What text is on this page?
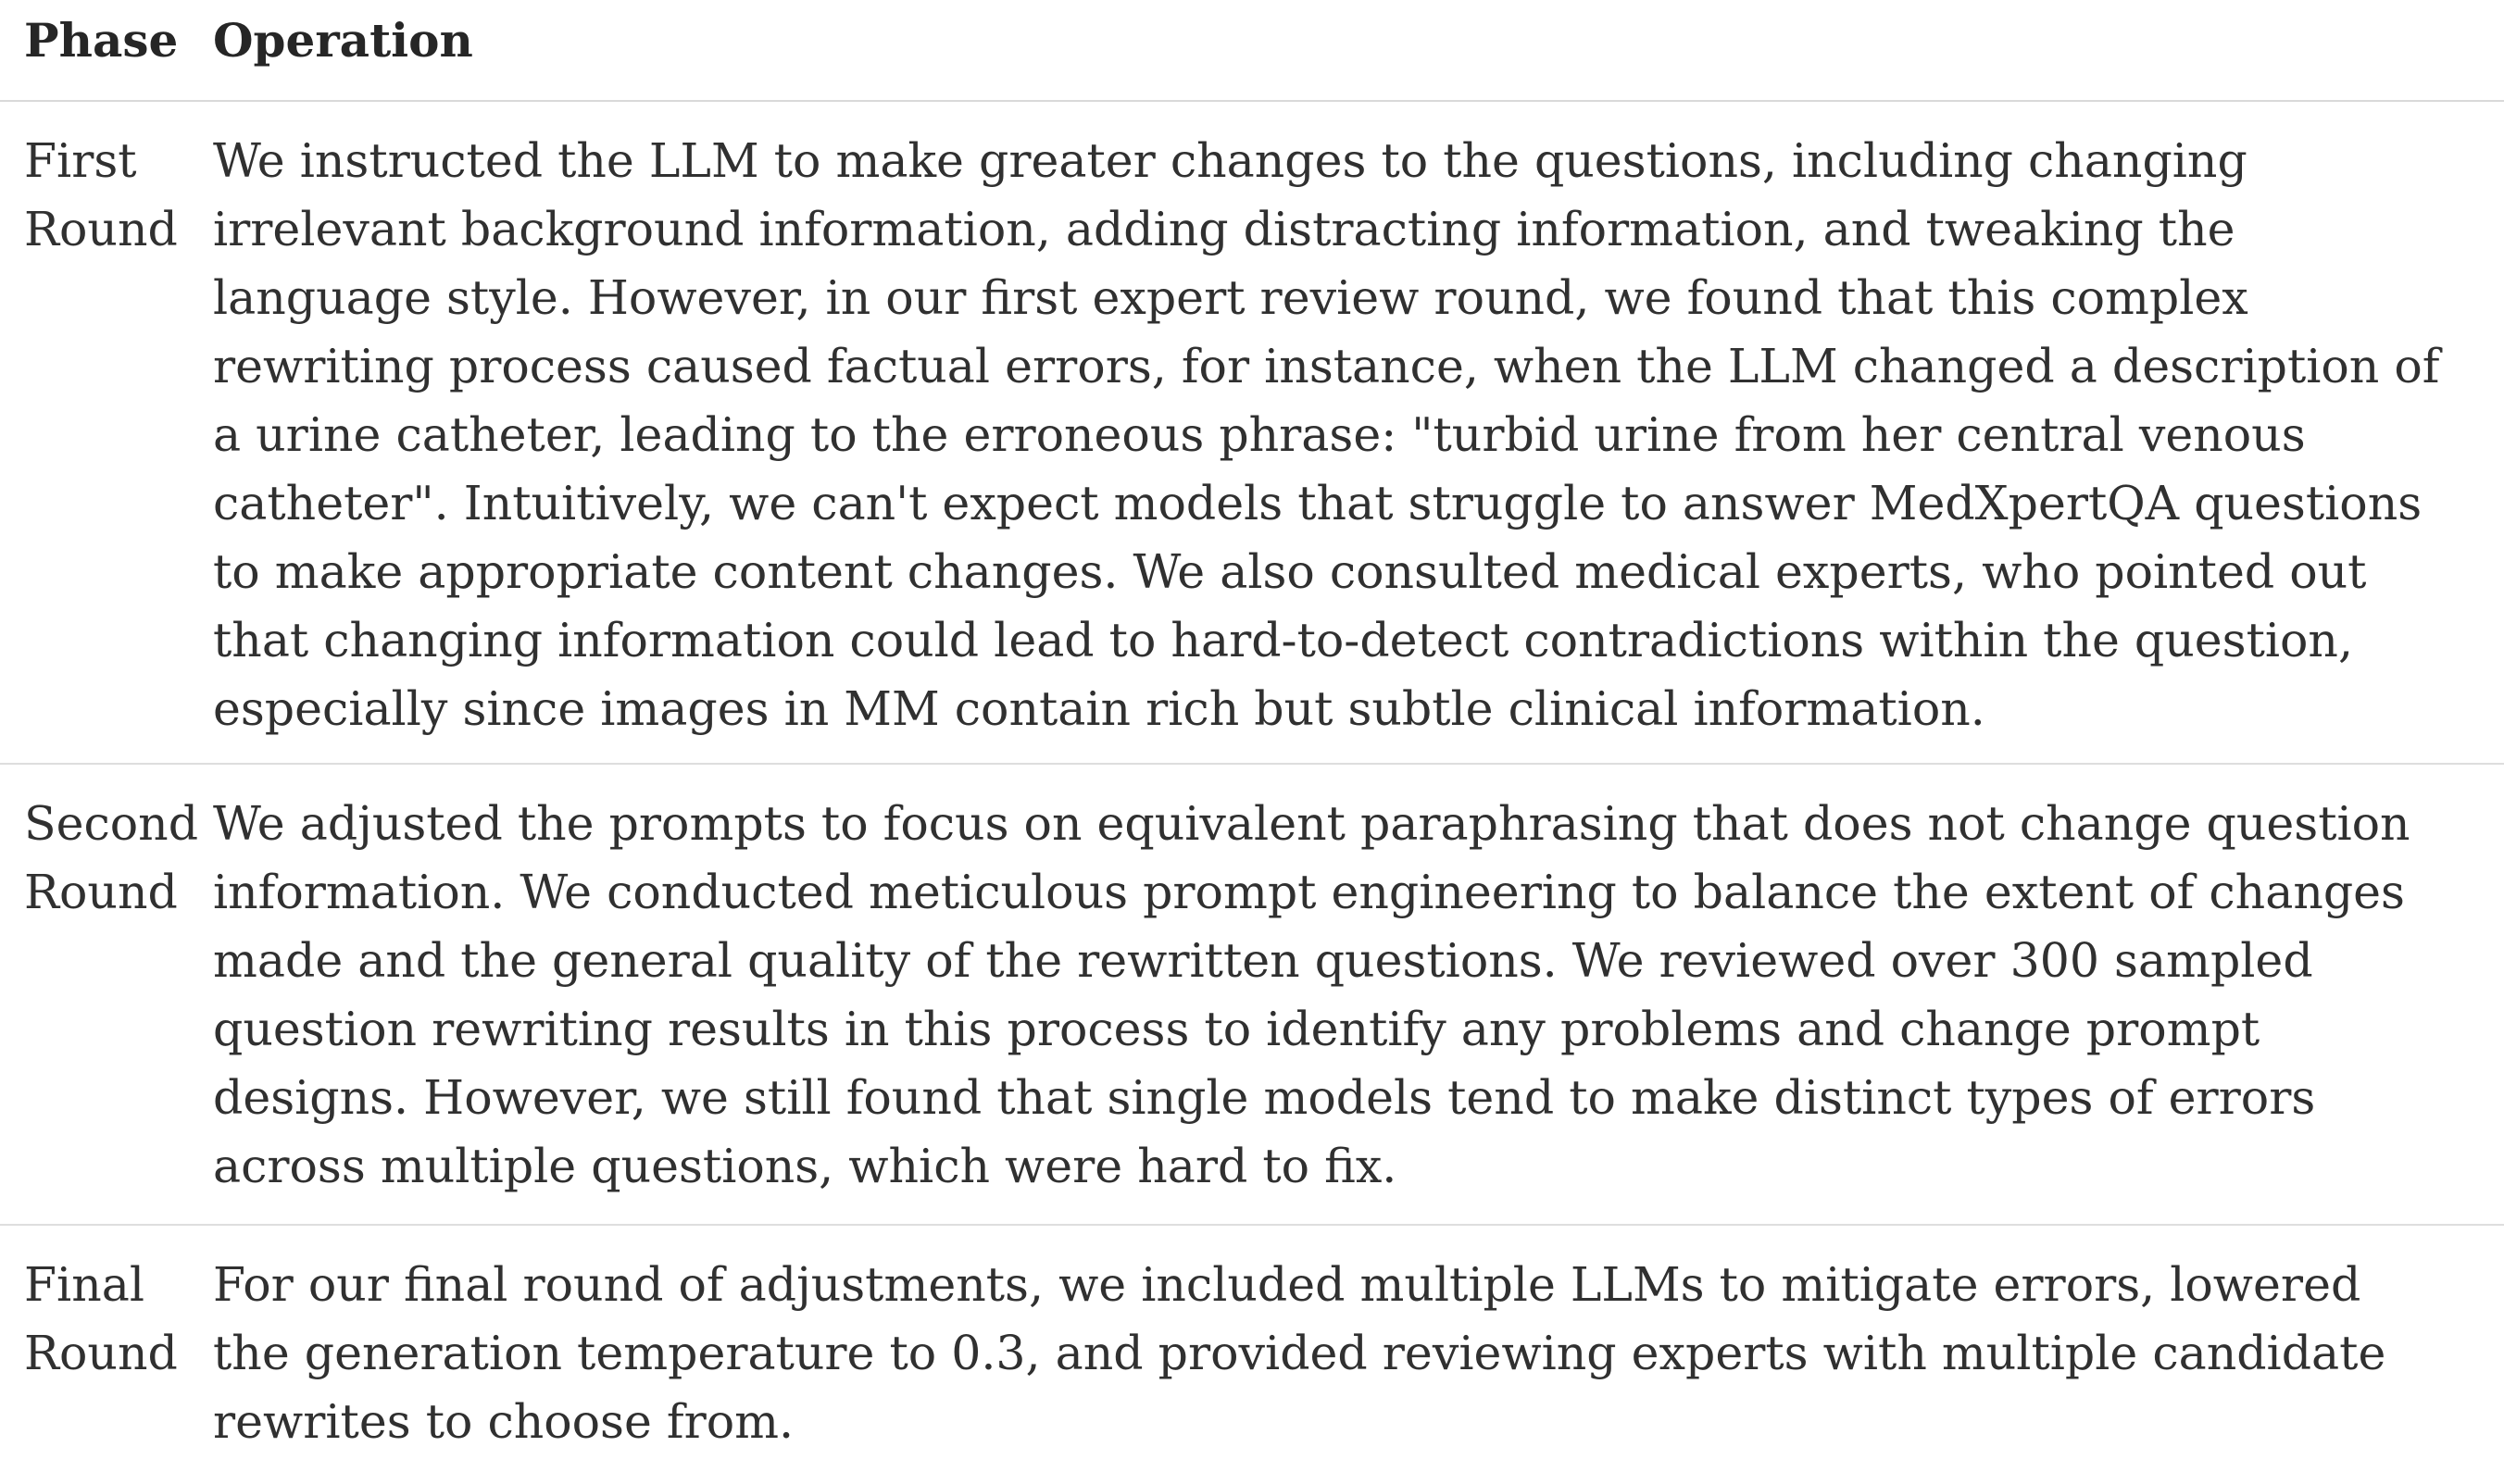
Phase Operation
First
Round
We instructed the LLM to make greater changes to the questions, including changing irrelevant background information, adding distracting information, and tweaking the language style. However, in our first expert review round, we found that this complex rewriting process caused factual errors, for instance, when the LLM changed a description of a urine catheter, leading to the erroneous phrase: "turbid urine from her central venous catheter". Intuitively, we can't expect models that struggle to answer MedXpertQA questions to make appropriate content changes. We also consulted medical experts, who pointed out that changing information could lead to hard-to-detect contradictions within the question, especially since images in MM contain rich but subtle clinical information.
Second
Round
We adjusted the prompts to focus on equivalent paraphrasing that does not change question information. We conducted meticulous prompt engineering to balance the extent of changes made and the general quality of the rewritten questions. We reviewed over 300 sampled question rewriting results in this process to identify any problems and change prompt designs. However, we still found that single models tend to make distinct types of errors across multiple questions, which were hard to fix.
Final
Round
For our final round of adjustments, we included multiple LLMs to mitigate errors, lowered the generation temperature to 0.3, and provided reviewing experts with multiple candidate rewrites to choose from.
